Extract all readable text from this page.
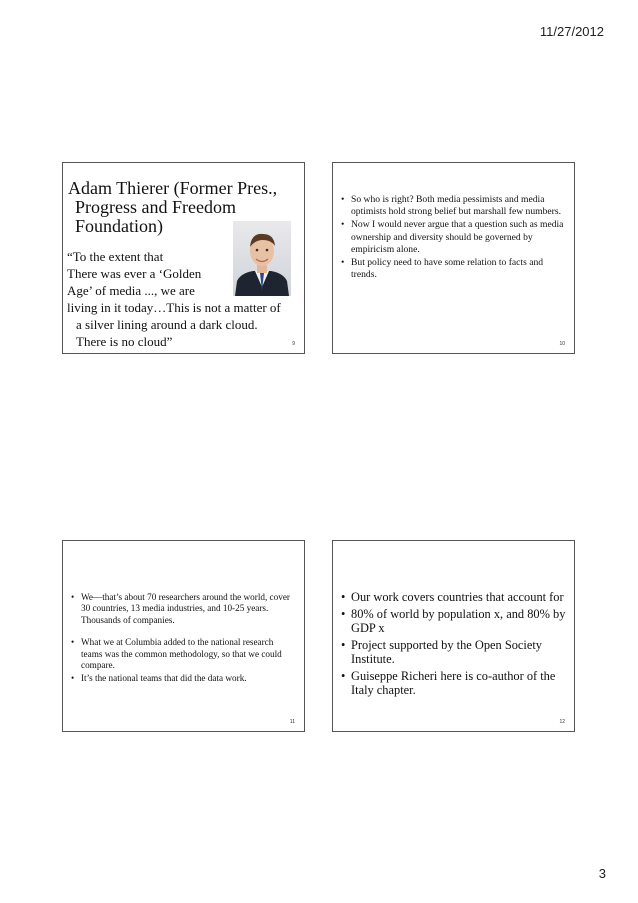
11/27/2012
Adam Thierer (Former Pres.,
Progress and Freedom
Foundation)
“To the extent that
There was ever a ‘Golden
Age’ of media ..., we are
living in it today…This is not a matter of
a silver lining around a dark cloud.
There is no cloud”	9
• So who is right? Both media pessimists and media optimists hold strong belief but marshall few numbers.
• Now I would never argue that a question such as media ownership and diversity should be governed by empiricism alone.
• But policy need to have some relation to facts and trends.
10
• We—that’s about 70 researchers around the world, cover 30 countries, 13 media industries, and 10-25 years. Thousands of companies.
• What we at Columbia added to the national research teams was the common methodology, so that we could compare.
• It’s the national teams that did the data work.
11
• Our work covers countries that account for
• 80% of world by population x, and 80% by GDP x
• Project supported by the Open Society Institute.
• Guiseppe Richeri here is co-author of the Italy chapter.
12
3
